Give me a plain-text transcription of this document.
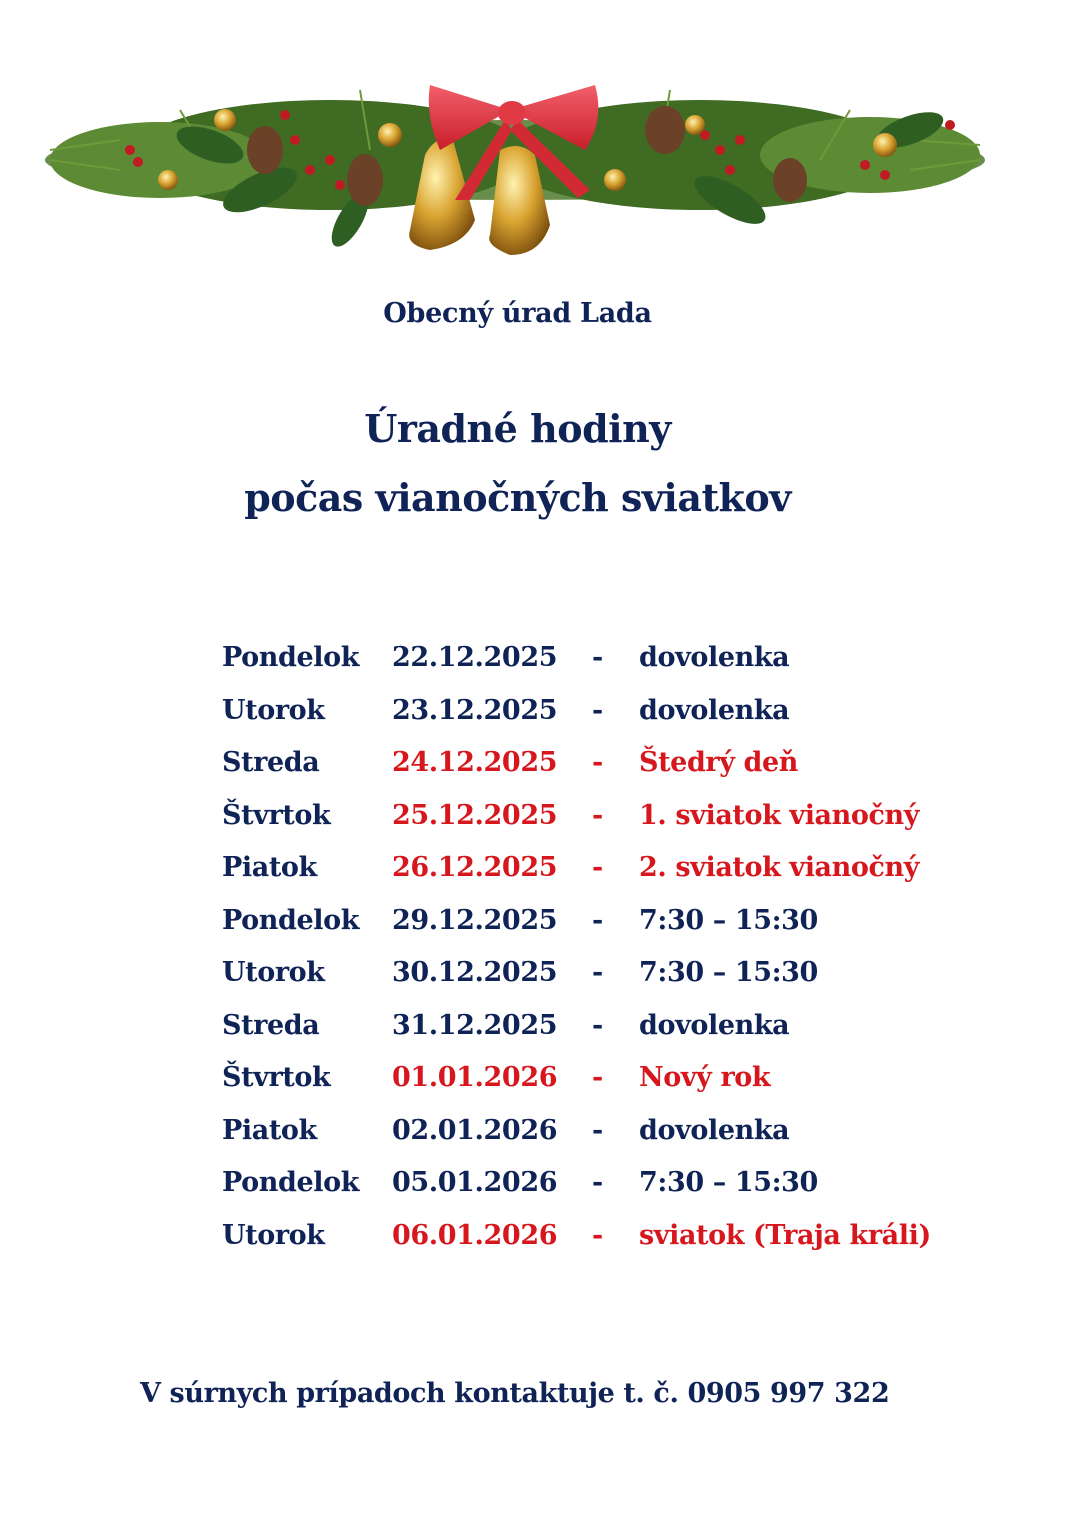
Obecný úrad Lada
Úradné hodiny
počas vianočných sviatkov
Pondelok 22.12.2025 - dovolenka
Utorok 23.12.2025 - dovolenka
Streda	24.12.2025 - Štedrý deň
Štvrtok 25.12.2025 - 1. sviatok vianočný
Piatok	26.12.2025 - 2. sviatok vianočný
Pondelok 29.12.2025 - 7:30 – 15:30
Utorok 30.12.2025 - 7:30 – 15:30
Streda	31.12.2025 - dovolenka
Štvrtok 01.01.2026 - Nový rok
Piatok	02.01.2026 - dovolenka
Pondelok 05.01.2026 - 7:30 – 15:30
Utorok 06.01.2026 - sviatok (Traja králi)
V súrnych prípadoch kontaktuje t. č. 0905 997 322
